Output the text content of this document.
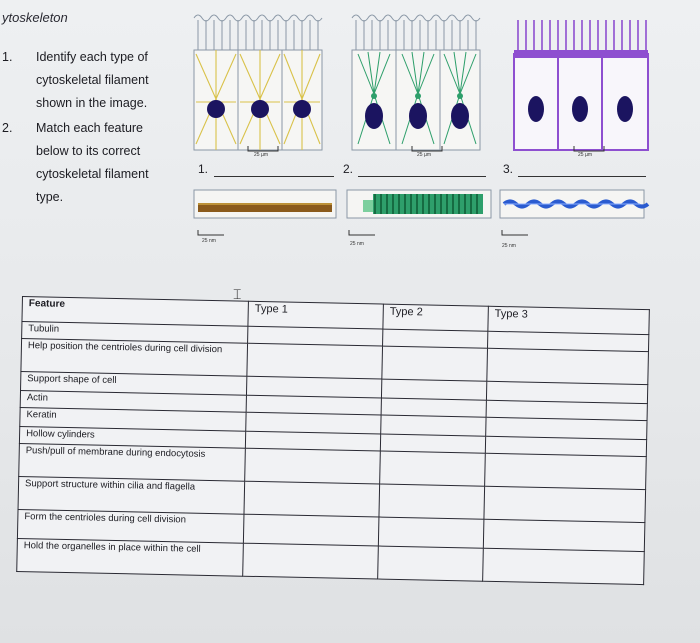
ytoskeleton
1. Identify each type of cytoskeletal filament shown in the image.
2. Match each feature below to its correct cytoskeletal filament type.
25 µm	25 µm	25 µm
1.	2.	3.
25 nm	25 nm	25 nm
⌶
Feature	Type 1	Type 2	Type 3
Tubulin			
Help position the centrioles during cell division			
Support shape of cell			
Actin			
Keratin			
Hollow cylinders			
Push/pull of membrane during endocytosis			
Support structure within cilia and flagella			
Form the centrioles during cell division			
Hold the organelles in place within the cell			
